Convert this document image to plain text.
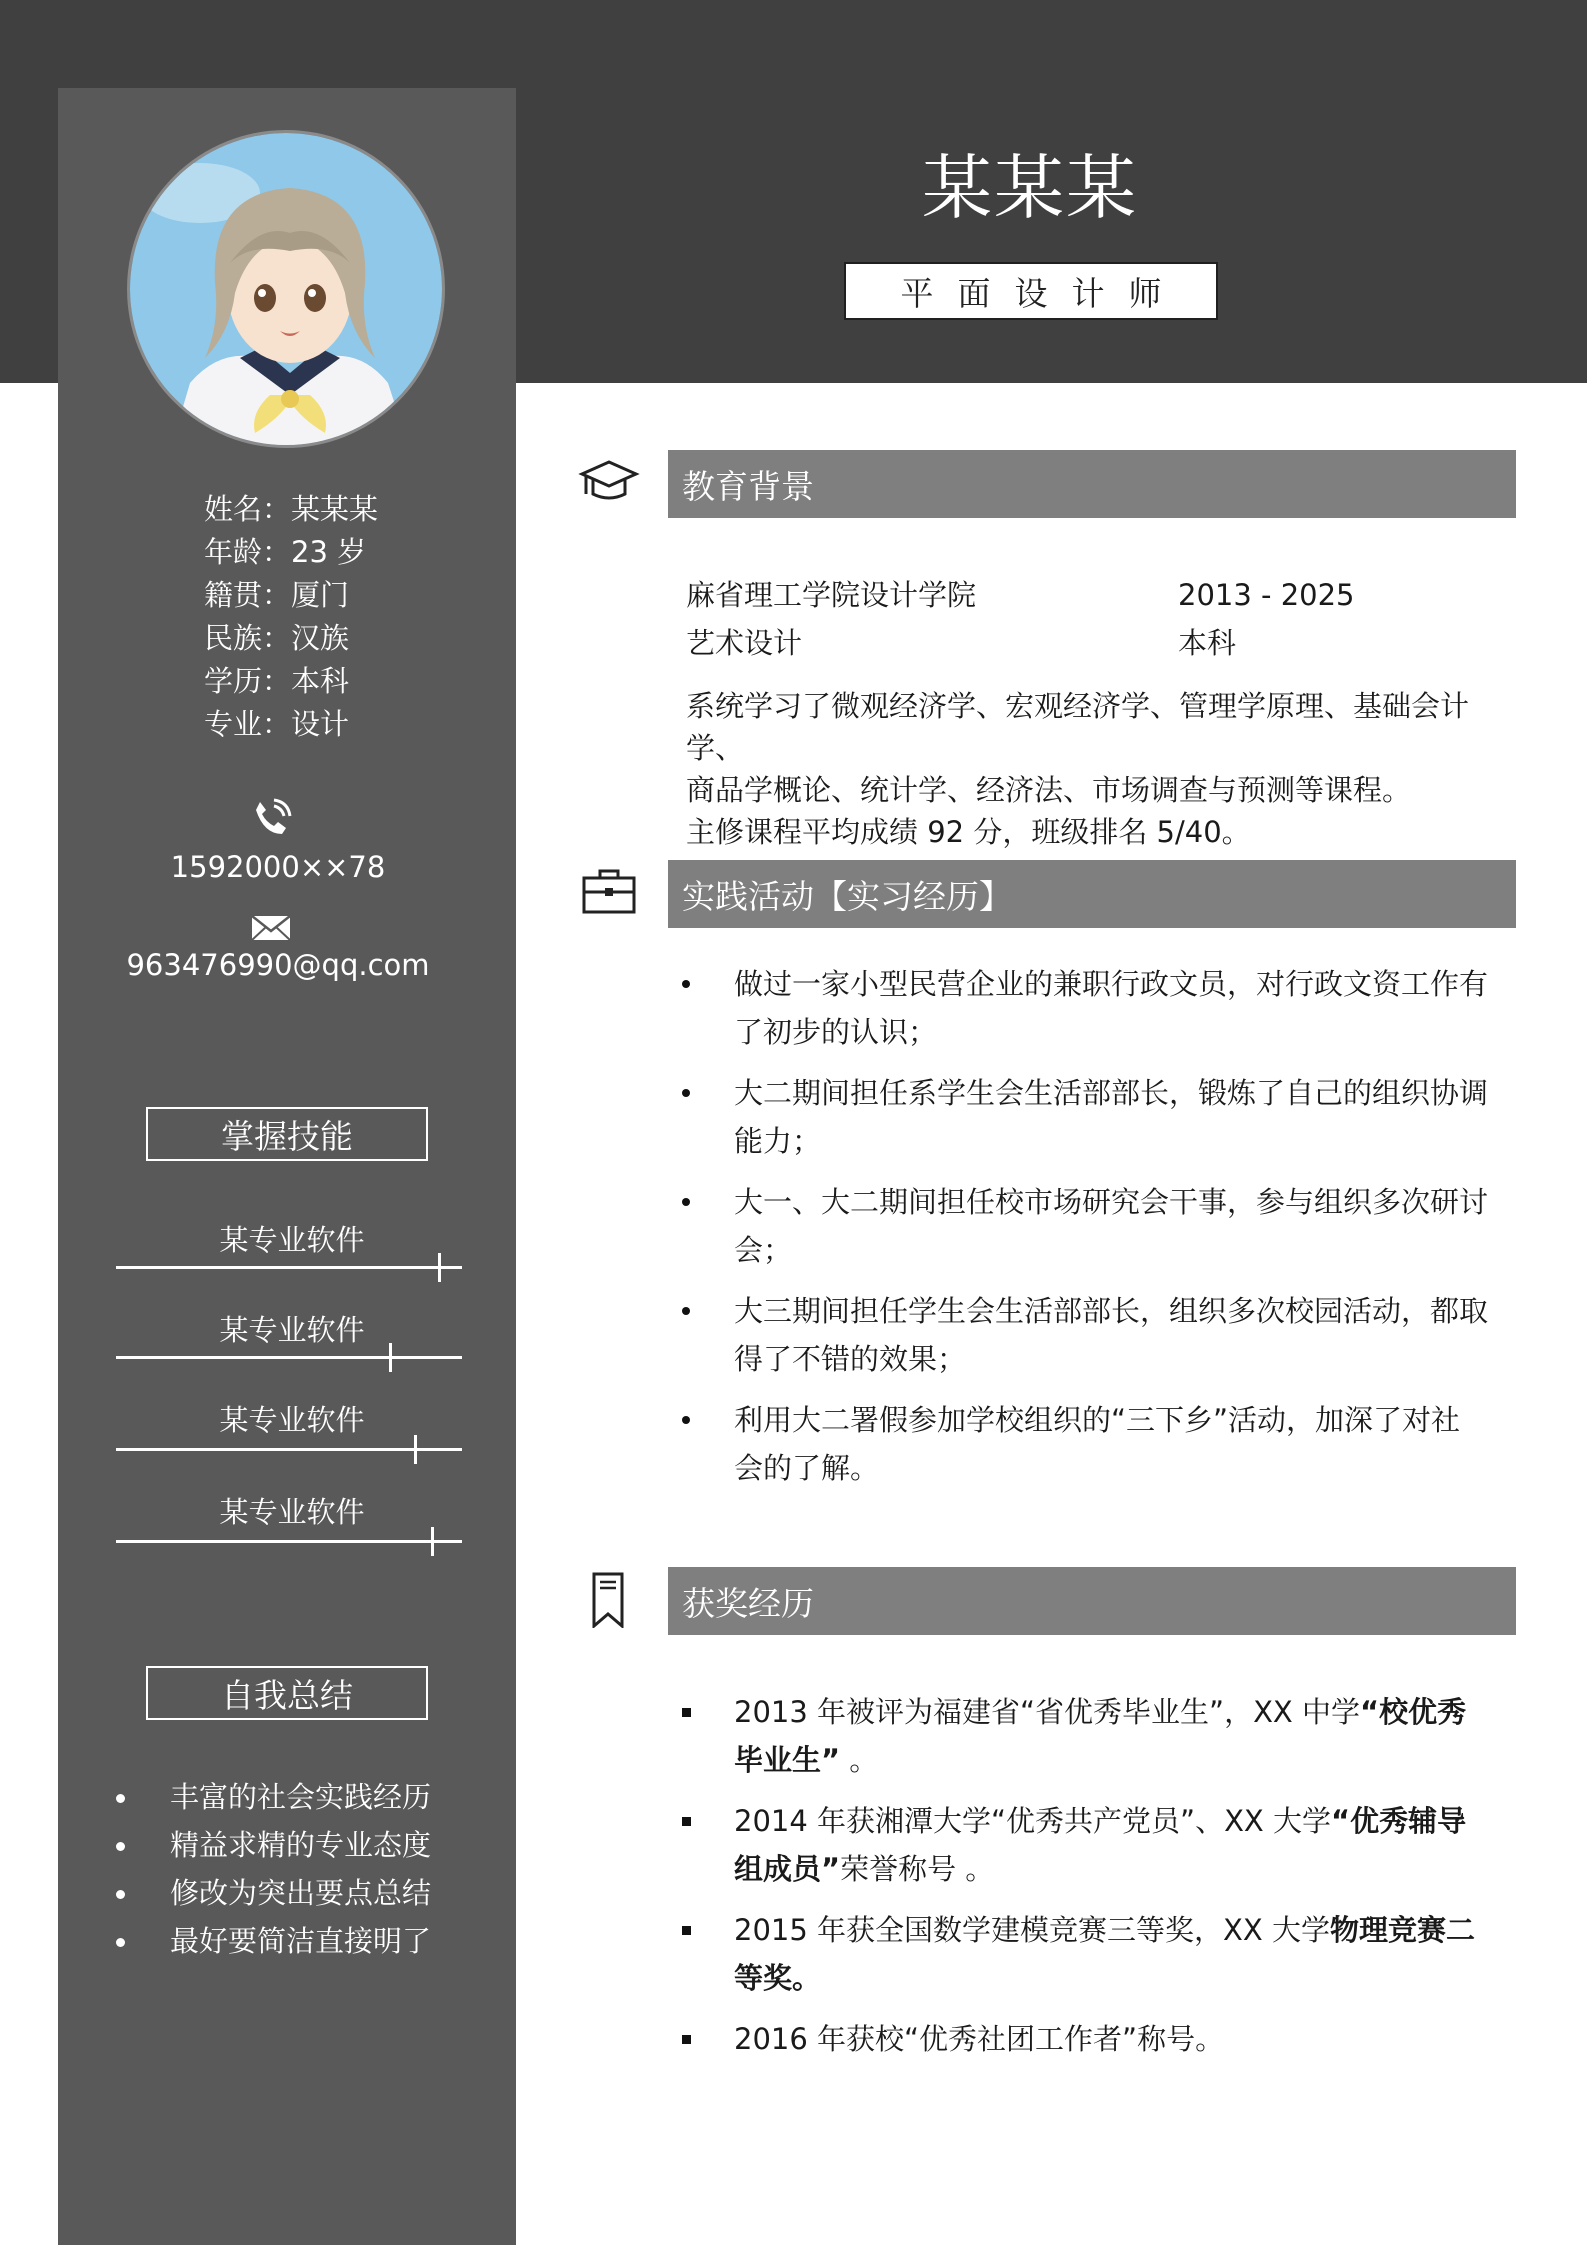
某某某
平面设计师
姓名：某某某
年龄：23 岁
籍贯：厦门
民族：汉族
学历：本科
专业：设计
1592000××78
963476990@qq.com
掌握技能
某专业软件
某专业软件
某专业软件
某专业软件
自我总结
丰富的社会实践经历
精益求精的专业态度
修改为突出要点总结
最好要简洁直接明了
教育背景
麻省理工学院设计学院	2013 - 2025
艺术设计	本科
系统学习了微观经济学、宏观经济学、管理学原理、基础会计学、
商品学概论、统计学、经济法、市场调查与预测等课程。
主修课程平均成绩 92 分，班级排名 5/40。
实践活动【实习经历】
做过一家小型民营企业的兼职行政文员，对行政文资工作有了初步的认识；
大二期间担任系学生会生活部部长，锻炼了自己的组织协调能力；
大一、大二期间担任校市场研究会干事，参与组织多次研讨会；
大三期间担任学生会生活部部长，组织多次校园活动，都取得了不错的效果；
利用大二署假参加学校组织的“三下乡”活动，加深了对社会的了解。
获奖经历
2013 年被评为福建省“省优秀毕业生”，XX 中学“校优秀毕业生” 。
2014 年获湘潭大学“优秀共产党员”、XX 大学“优秀辅导组成员”荣誉称号 。
2015 年获全国数学建模竞赛三等奖，XX 大学物理竞赛二等奖。
2016 年获校“优秀社团工作者”称号。
